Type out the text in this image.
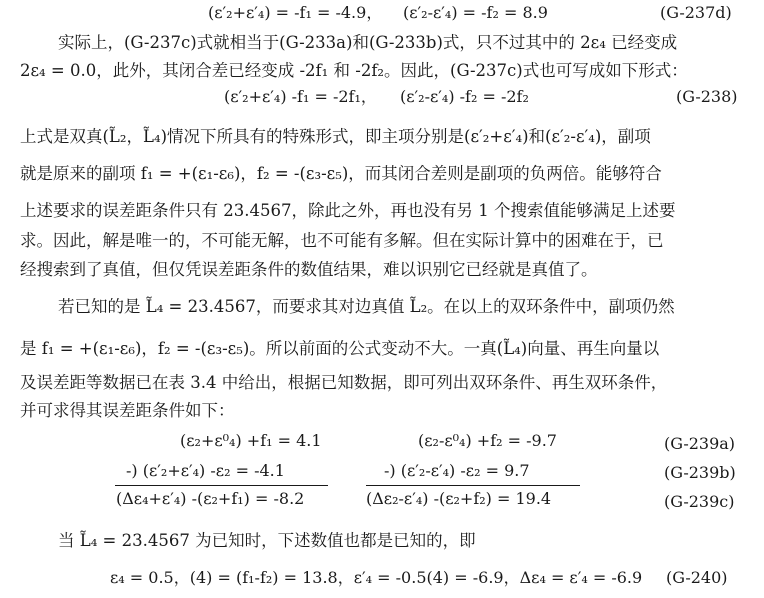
(ε′₂+ε′₄) = -f₁ = -4.9， (ε′₂-ε′₄) = -f₂ = 8.9	(G-237d)
实际上，(G-237c)式就相当于(G-233a)和(G-233b)式，只不过其中的 2ε₄ 已经变成
2ε₄ = 0.0，此外，其闭合差已经变成 -2f₁ 和 -2f₂。因此，(G-237c)式也可写成如下形式：
(ε′₂+ε′₄) -f₁ = -2f₁， (ε′₂-ε′₄) -f₂ = -2f₂	(G-238)
上式是双真(L̃₂，L̃₄)情况下所具有的特殊形式，即主项分别是(ε′₂+ε′₄)和(ε′₂-ε′₄)，副项
就是原来的副项 f₁ = +(ε₁-ε₆)，f₂ = -(ε₃-ε₅)，而其闭合差则是副项的负两倍。能够符合
上述要求的误差距条件只有 23.4567，除此之外，再也没有另 1 个搜索值能够满足上述要
求。因此，解是唯一的，不可能无解，也不可能有多解。但在实际计算中的困难在于，已
经搜索到了真值，但仅凭误差距条件的数值结果，难以识别它已经就是真值了。
若已知的是 L̃₄ = 23.4567，而要求其对边真值 L̃₂。在以上的双环条件中，副项仍然
是 f₁ = +(ε₁-ε₆)，f₂ = -(ε₃-ε₅)。所以前面的公式变动不大。一真(L̃₄)向量、再生向量以
及误差距等数据已在表 3.4 中给出，根据已知数据，即可列出双环条件、再生双环条件，
并可求得其误差距条件如下：
(ε₂+ε⁰₄) +f₁ = 4.1	(ε₂-ε⁰₄) +f₂ = -9.7	(G-239a)
-) (ε′₂+ε′₄) -ε₂ = -4.1	-) (ε′₂-ε′₄) -ε₂ = 9.7	(G-239b)
(Δε₄+ε′₄) -(ε₂+f₁) = -8.2	(Δε₂-ε′₄) -(ε₂+f₂) = 19.4	(G-239c)
当 L̃₄ = 23.4567 为已知时，下述数值也都是已知的，即
ε₄ = 0.5，(4) = (f₁-f₂) = 13.8，ε′₄ = -0.5(4) = -6.9，Δε₄ = ε′₄ = -6.9 (G-240)
